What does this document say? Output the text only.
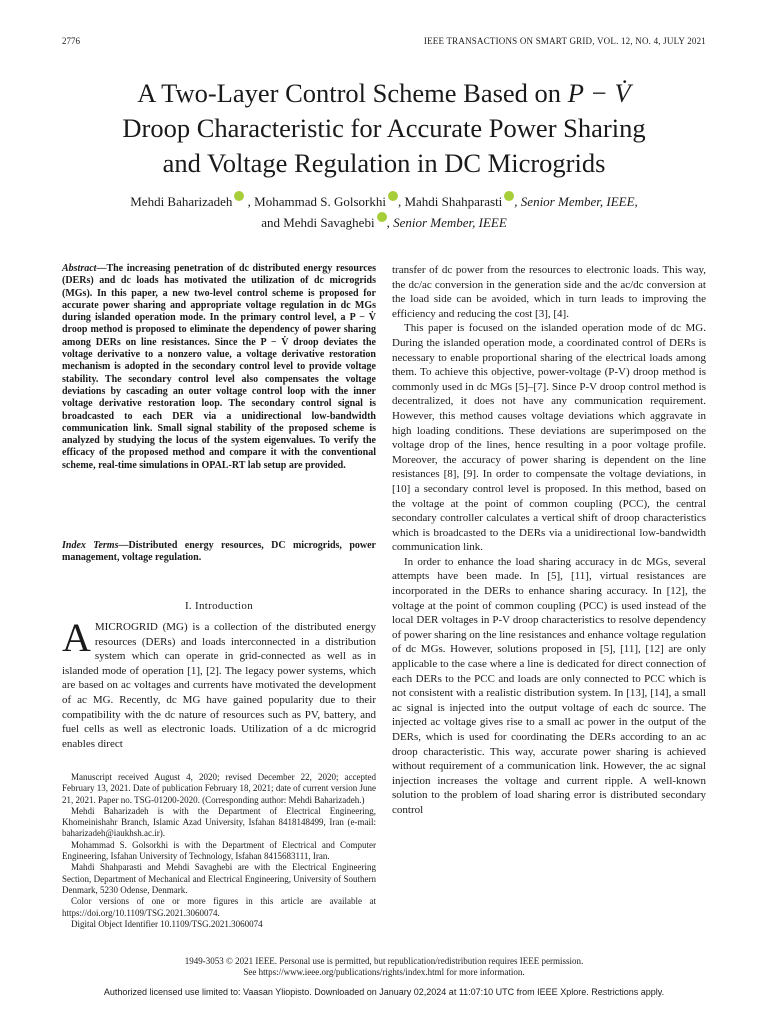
2776	IEEE TRANSACTIONS ON SMART GRID, VOL. 12, NO. 4, JULY 2021
A Two-Layer Control Scheme Based on P − V̇
Droop Characteristic for Accurate Power Sharing
and Voltage Regulation in DC Microgrids
Mehdi Baharizadeh , Mohammad S. Golsorkhi , Mahdi Shahparasti , Senior Member, IEEE,
and Mehdi Savaghebi , Senior Member, IEEE
Abstract—The increasing penetration of dc distributed energy resources (DERs) and dc loads has motivated the utilization of dc microgrids (MGs). In this paper, a new two-level control scheme is proposed for accurate power sharing and appropriate voltage regulation in dc MGs during islanded operation mode. In the primary control level, a P − V̇ droop method is proposed to eliminate the dependency of power sharing among DERs on line resistances. Since the P − V̇ droop deviates the voltage derivative to a nonzero value, a voltage derivative restoration mechanism is adopted in the secondary control level to provide voltage stability. The secondary control level also compensates the voltage deviations by cascading an outer voltage control loop with the inner voltage derivative restoration loop. The secondary control signal is broadcasted to each DER via a unidirectional low-bandwidth communication link. Small signal stability of the proposed scheme is analyzed by studying the locus of the system eigenvalues. To verify the efficacy of the proposed method and compare it with the conventional scheme, real-time simulations in OPAL-RT lab setup are provided.
Index Terms—Distributed energy resources, DC microgrids, power management, voltage regulation.
I. Introduction
A MICROGRID (MG) is a collection of the distributed energy resources (DERs) and loads interconnected in a distribution system which can operate in grid-connected as well as in islanded mode of operation [1], [2]. The legacy power systems, which are based on ac voltages and currents have motivated the development of ac MG. Recently, dc MG have gained popularity due to their compatibility with the dc nature of resources such as PV, battery, and fuel cells as well as electronic loads. Utilization of a dc microgrid enables direct

Manuscript received August 4, 2020; revised December 22, 2020; accepted February 13, 2021. Date of publication February 18, 2021; date of current version June 21, 2021. Paper no. TSG-01200-2020. (Corresponding author: Mehdi Baharizadeh.)

Mehdi Baharizadeh is with the Department of Electrical Engineering, Khomeinishahr Branch, Islamic Azad University, Isfahan 8418148499, Iran (e-mail: baharizadeh@iaukhsh.ac.ir).

Mohammad S. Golsorkhi is with the Department of Electrical and Computer Engineering, Isfahan University of Technology, Isfahan 8415683111, Iran.

Mahdi Shahparasti and Mehdi Savaghebi are with the Electrical Engineering Section, Department of Mechanical and Electrical Engineering, University of Southern Denmark, 5230 Odense, Denmark.

Color versions of one or more figures in this article are available at https://doi.org/10.1109/TSG.2021.3060074.

Digital Object Identifier 10.1109/TSG.2021.3060074

transfer of dc power from the resources to electronic loads. This way, the dc/ac conversion in the generation side and the ac/dc conversion at the load side can be avoided, which in turn leads to improving the efficiency and reducing the cost [3], [4].

This paper is focused on the islanded operation mode of dc MG. During the islanded operation mode, a coordinated control of DERs is necessary to enable proportional sharing of the electrical loads among them. To achieve this objective, power-voltage (P-V) droop method is commonly used in dc MGs [5]–[7]. Since P-V droop control method is decentralized, it does not have any communication requirement. However, this method causes voltage deviations which aggravate in high loading conditions. These deviations are superimposed on the voltage drop of the lines, hence resulting in a poor voltage profile. Moreover, the accuracy of power sharing is dependent on the line resistances [8], [9]. In order to compensate the voltage deviations, in [10] a secondary control level is proposed. In this method, based on the voltage at the point of common coupling (PCC), the central secondary controller calculates a vertical shift of droop characteristics which is broadcasted to the DERs via a unidirectional low-bandwidth communication link.

In order to enhance the load sharing accuracy in dc MGs, several attempts have been made. In [5], [11], virtual resistances are incorporated in the DERs to enhance sharing accuracy. In [12], the voltage at the point of common coupling (PCC) is used instead of the local DER voltages in P-V droop characteristics to resolve dependency of power sharing on the line resistances and enhance voltage regulation of dc MGs. However, solutions proposed in [5], [11], [12] are only applicable to the case where a line is dedicated for direct connection of each DERs to the PCC and loads are only connected to PCC which is not consistent with a realistic distribution system. In [13], [14], a small ac signal is injected into the output voltage of each dc source. The injected ac voltage gives rise to a small ac power in the output of the DERs, which is used for coordinating the DERs according to an ac droop characteristic. This way, accurate power sharing is achieved without requirement of a communication link. However, the ac signal injection increases the voltage and current ripple. A well-known solution to the problem of load sharing error is distributed secondary control

1949-3053 © 2021 IEEE. Personal use is permitted, but republication/redistribution requires IEEE permission.
See https://www.ieee.org/publications/rights/index.html for more information.
Authorized licensed use limited to: Vaasan Yliopisto. Downloaded on January 02,2024 at 11:07:10 UTC from IEEE Xplore. Restrictions apply.
